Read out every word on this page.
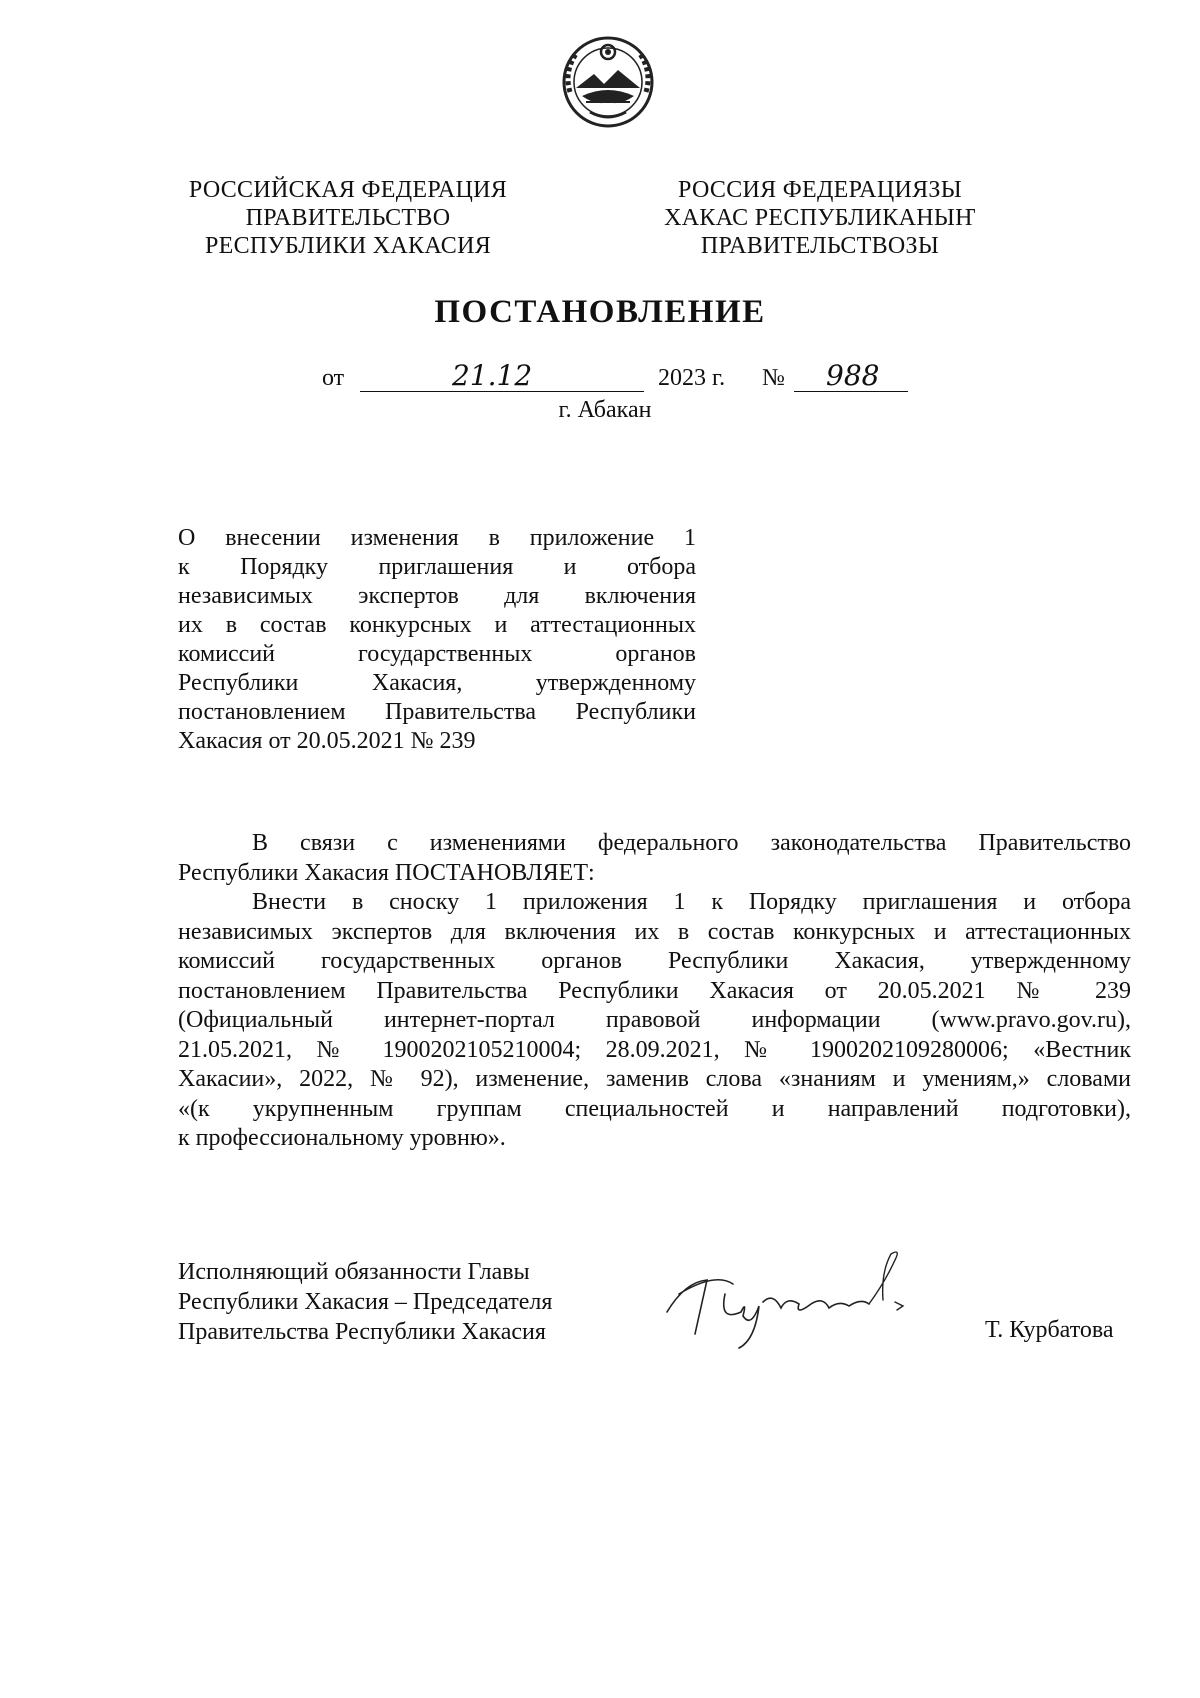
РОССИЙСКАЯ ФЕДЕРАЦИЯ
ПРАВИТЕЛЬСТВО
РЕСПУБЛИКИ ХАКАСИЯ
РОССИЯ ФЕДЕРАЦИЯЗЫ
ХАКАС РЕСПУБЛИКАНЫҤ
ПРАВИТЕЛЬСТВОЗЫ
ПОСТАНОВЛЕНИЕ
от	21.12	2023 г. № 988
г. Абакан
О внесении изменения в приложение 1
к Порядку приглашения и отбора
независимых экспертов для включения
их в состав конкурсных и аттестационных
комиссий государственных органов
Республики Хакасия, утвержденному
постановлением Правительства Республики
Хакасия от 20.05.2021 № 239
В связи с изменениями федерального законодательства Правительство
Республики Хакасия ПОСТАНОВЛЯЕТ:
Внести в сноску 1 приложения 1 к Порядку приглашения и отбора
независимых экспертов для включения их в состав конкурсных и аттестационных
комиссий государственных органов Республики Хакасия, утвержденному
постановлением Правительства Республики Хакасия от 20.05.2021 № 239
(Официальный интернет-портал правовой информации (www.pravo.gov.ru),
21.05.2021, № 1900202105210004; 28.09.2021, № 1900202109280006; «Вестник
Хакасии», 2022, № 92), изменение, заменив слова «знаниям и умениям,» словами
«(к укрупненным группам специальностей и направлений подготовки),
к профессиональному уровню».
Исполняющий обязанности Главы
Республики Хакасия – Председателя
Правительства Республики Хакасия	Т. Курбатова
